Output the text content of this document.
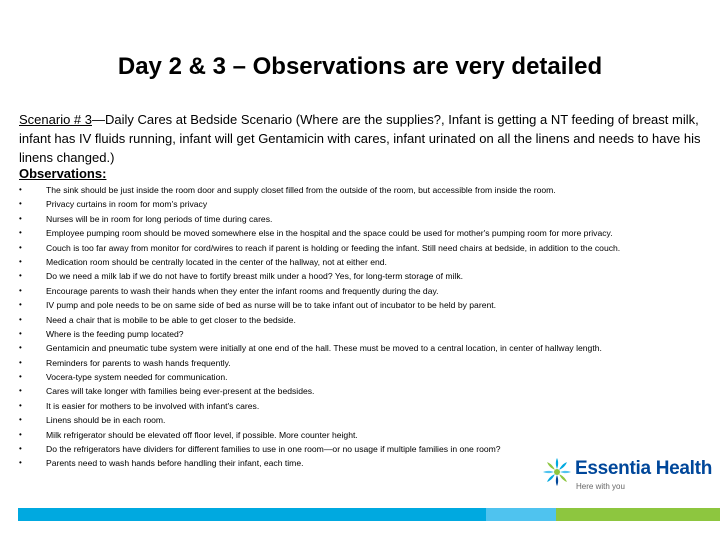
Day 2 & 3 – Observations are very detailed
Scenario # 3—Daily Cares at Bedside Scenario (Where are the supplies?, Infant is getting a NT feeding of breast milk, infant has IV fluids running, infant will get Gentamicin with cares, infant urinated on all the linens and needs to have his linens changed.)
Observations:
• The sink should be just inside the room door and supply closet filled from the outside of the room, but accessible from inside the room.
• Privacy curtains in room for mom's privacy
• Nurses will be in room for long periods of time during cares.
• Employee pumping room should be moved somewhere else in the hospital and the space could be used for mother's pumping room for more privacy.
• Couch is too far away from monitor for cord/wires to reach if parent is holding or feeding the infant. Still need chairs at bedside, in addition to the couch.
• Medication room should be centrally located in the center of the hallway, not at either end.
• Do we need a milk lab if we do not have to fortify breast milk under a hood? Yes, for long-term storage of milk.
• Encourage parents to wash their hands when they enter the infant rooms and frequently during the day.
• IV pump and pole needs to be on same side of bed as nurse will be to take infant out of incubator to be held by parent.
• Need a chair that is mobile to be able to get closer to the bedside.
• Where is the feeding pump located?
• Gentamicin and pneumatic tube system were initially at one end of the hall. These must be moved to a central location, in center of hallway length.
• Reminders for parents to wash hands frequently.
• Vocera-type system needed for communication.
• Cares will take longer with families being ever-present at the bedsides.
• It is easier for mothers to be involved with infant's cares.
• Linens should be in each room.
• Milk refrigerator should be elevated off floor level, if possible. More counter height.
• Do the refrigerators have dividers for different families to use in one room—or no usage if multiple families in one room?
• Parents need to wash hands before handling their infant, each time.	Essentia Health
Here with you
